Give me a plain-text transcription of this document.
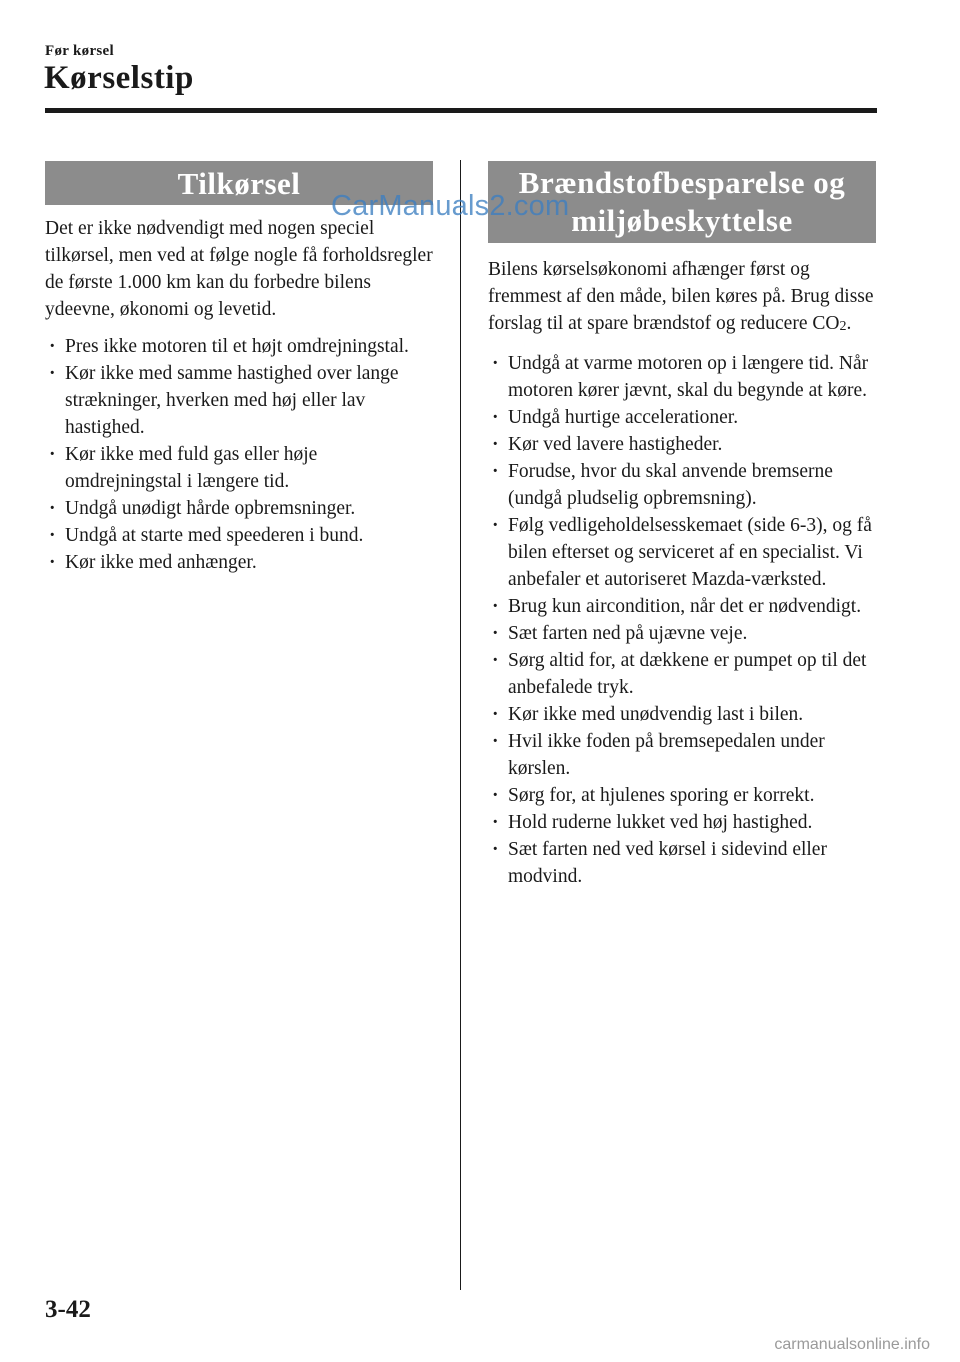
Før kørsel
Kørselstip
Tilkørsel

Det er ikke nødvendigt med nogen speciel tilkørsel, men ved at følge nogle få forholdsregler de første 1.000 km kan du forbedre bilens ydeevne, økonomi og levetid.

· Pres ikke motoren til et højt omdrejningstal.
· Kør ikke med samme hastighed over lange strækninger, hverken med høj eller lav hastighed.
· Kør ikke med fuld gas eller høje omdrejningstal i længere tid.
· Undgå unødigt hårde opbremsninger.
· Undgå at starte med speederen i bund.
· Kør ikke med anhænger.
Brændstofbesparelse og miljøbeskyttelse

Bilens kørselsøkonomi afhænger først og fremmest af den måde, bilen køres på. Brug disse forslag til at spare brændstof og reducere $CO_2$.

· Undgå at varme motoren op i længere tid. Når motoren kører jævnt, skal du begynde at køre.
· Undgå hurtige accelerationer.
· Kør ved lavere hastigheder.
· Forudse, hvor du skal anvende bremserne (undgå pludselig opbremsning).
· Følg vedligeholdelsesskemaet (side 6-3), og få bilen efterset og serviceret af en specialist. Vi anbefaler et autoriseret Mazda-værksted.
· Brug kun aircondition, når det er nødvendigt.
· Sæt farten ned på ujævne veje.
· Sørg altid for, at dækkene er pumpet op til det anbefalede tryk.
· Kør ikke med unødvendig last i bilen.
· Hvil ikke foden på bremsepedalen under kørslen.
· Sørg for, at hjulenes sporing er korrekt.
· Hold ruderne lukket ved høj hastighed.
· Sæt farten ned ved kørsel i sidevind eller modvind.
CarManuals2.com
3-42
carmanualsonline.info
